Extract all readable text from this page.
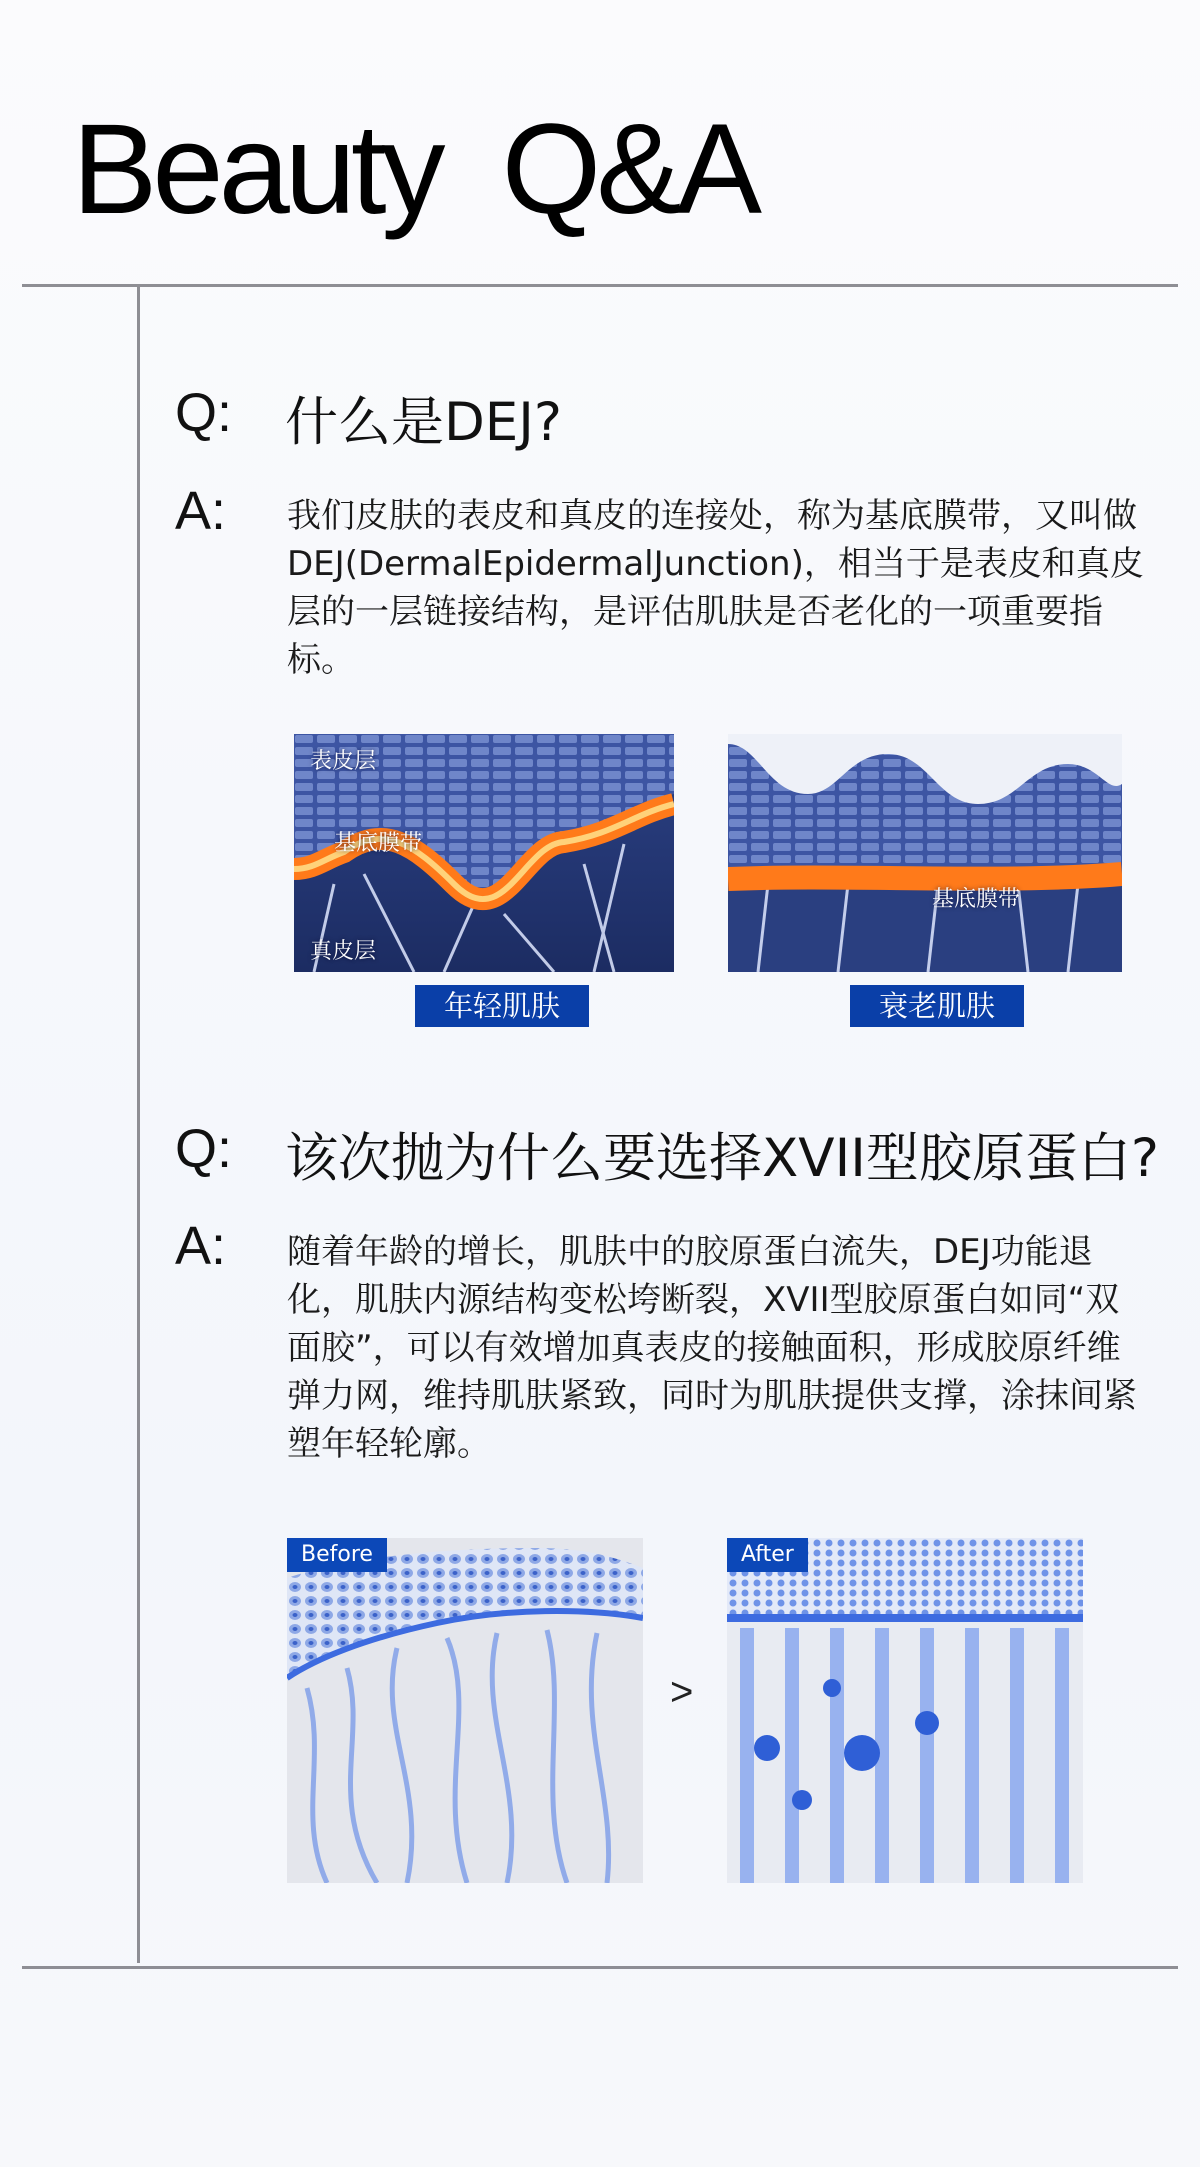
Beauty  Q&A
Q: 什么是DEJ?
A: 我们皮肤的表皮和真皮的连接处，称为基底膜带，又叫做 DEJ(DermalEpidermalJunction)，相当于是表皮和真皮层的一层链接结构，是评估肌肤是否老化的一项重要指标。
表皮层
基底膜带
真皮层
年轻肌肤
基底膜带
衰老肌肤
Q: 该次抛为什么要选择XVII型胶原蛋白?
A: 随着年龄的增长，肌肤中的胶原蛋白流失，DEJ功能退化，肌肤内源结构变松垮断裂，XVII型胶原蛋白如同“双面胶”，可以有效增加真表皮的接触面积，形成胶原纤维弹力网，维持肌肤紧致，同时为肌肤提供支撑，涂抹间紧塑年轻轮廓。
Before
>
After
